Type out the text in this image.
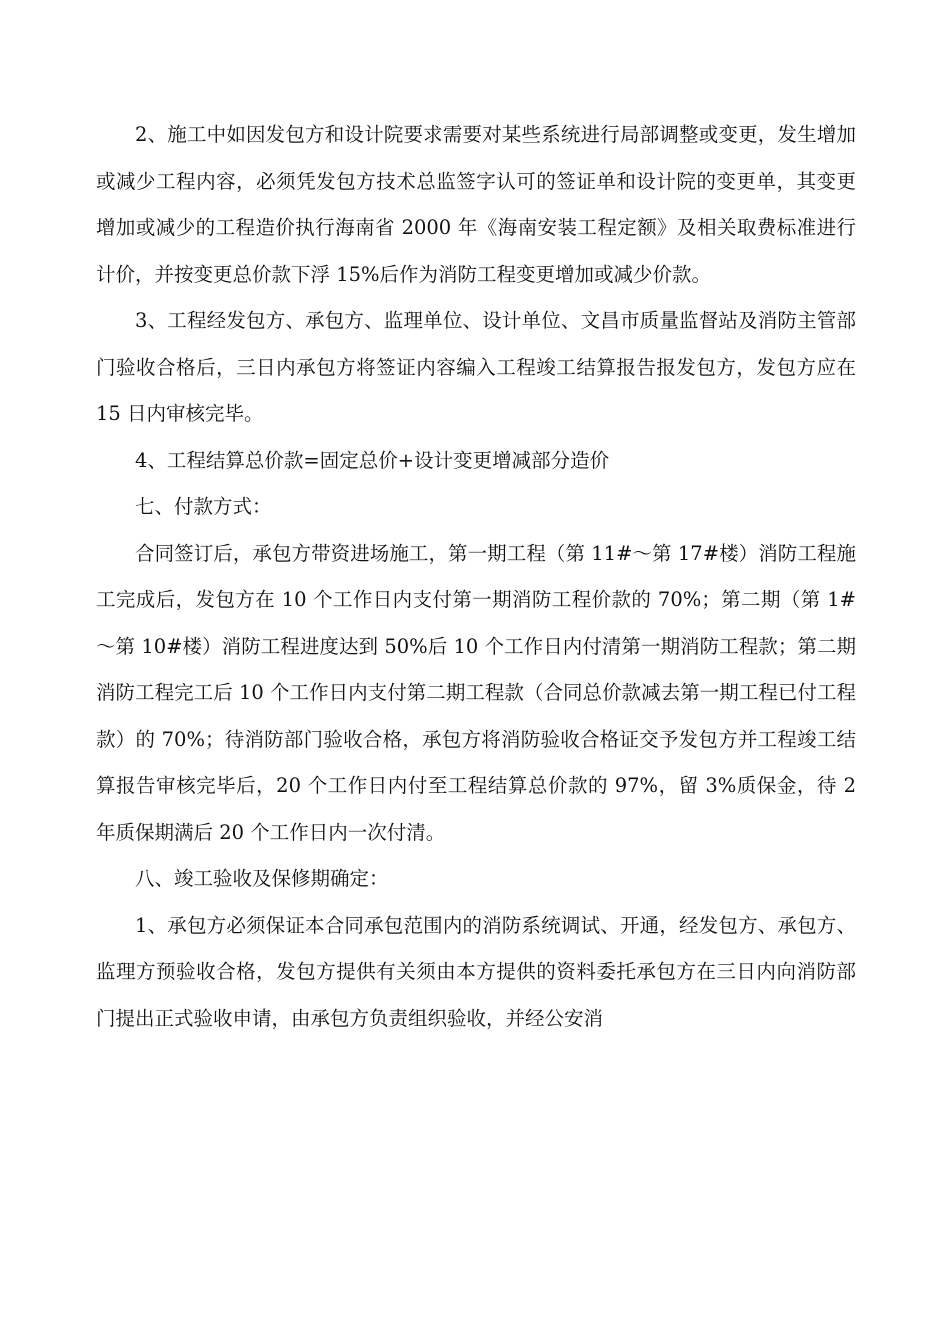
2、施工中如因发包方和设计院要求需要对某些系统进行局部调整或变更，发生增加或减少工程内容，必须凭发包方技术总监签字认可的签证单和设计院的变更单，其变更增加或减少的工程造价执行海南省 2000 年《海南安装工程定额》及相关取费标准进行计价，并按变更总价款下浮 15%后作为消防工程变更增加或减少价款。

3、工程经发包方、承包方、监理单位、设计单位、文昌市质量监督站及消防主管部门验收合格后，三日内承包方将签证内容编入工程竣工结算报告报发包方，发包方应在 15 日内审核完毕。

4、工程结算总价款=固定总价+设计变更增减部分造价

七、付款方式：

合同签订后，承包方带资进场施工，第一期工程（第 11#～第 17#楼）消防工程施工完成后，发包方在 10 个工作日内支付第一期消防工程价款的 70%；第二期（第 1#～第 10#楼）消防工程进度达到 50%后 10 个工作日内付清第一期消防工程款；第二期消防工程完工后 10 个工作日内支付第二期工程款（合同总价款减去第一期工程已付工程款）的 70%；待消防部门验收合格，承包方将消防验收合格证交予发包方并工程竣工结算报告审核完毕后，20 个工作日内付至工程结算总价款的 97%，留 3%质保金，待 2 年质保期满后 20 个工作日内一次付清。

八、竣工验收及保修期确定：

1、承包方必须保证本合同承包范围内的消防系统调试、开通，经发包方、承包方、监理方预验收合格，发包方提供有关须由本方提供的资料委托承包方在三日内向消防部门提出正式验收申请，由承包方负责组织验收，并经公安消
